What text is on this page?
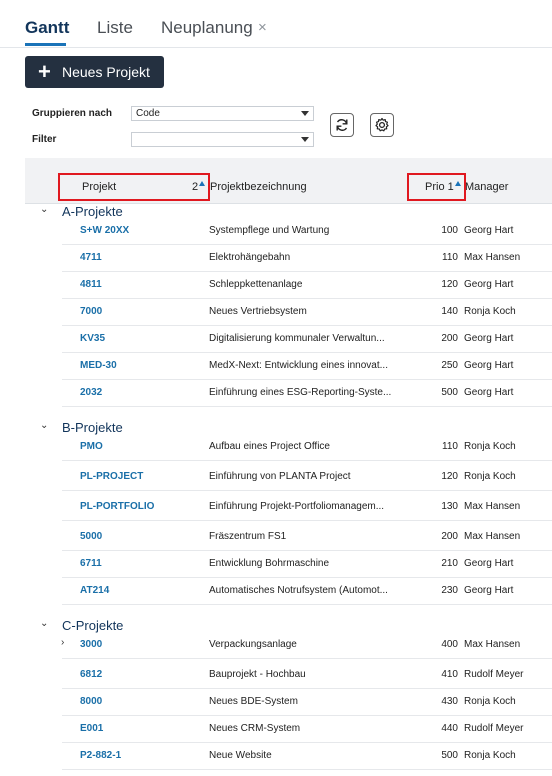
Gantt Liste Neuplanung ×
+ Neues Projekt
Gruppieren nach	Code
Filter
Projekt	2	Projektbezeichnung	Prio 1	Manager
⌄ A-Projekte
S+W 20XX	Systempflege und Wartung	100 Georg Hart
4711	Elektrohängebahn	110 Max Hansen
4811	Schleppkettenanlage	120 Georg Hart
7000	Neues Vertriebsystem	140 Ronja Koch
KV35	Digitalisierung kommunaler Verwaltun...	200 Georg Hart
MED-30	MedX-Next: Entwicklung eines innovat...	250 Georg Hart
2032	Einführung eines ESG-Reporting-Syste...	500 Georg Hart
⌄ B-Projekte
PMO	Aufbau eines Project Office	110 Ronja Koch
PL-PROJECT	Einführung von PLANTA Project	120 Ronja Koch
PL-PORTFOLIO	Einführung Projekt-Portfoliomanagem...	130 Max Hansen
5000	Fräszentrum FS1	200 Max Hansen
6711	Entwicklung Bohrmaschine	210 Georg Hart
AT214	Automatisches Notrufsystem (Automot...	230 Georg Hart
⌄ C-Projekte
› 3000	Verpackungsanlage	400 Max Hansen
6812	Bauprojekt - Hochbau	410 Rudolf Meyer
8000	Neues BDE-System	430 Ronja Koch
E001	Neues CRM-System	440 Rudolf Meyer
P2-882-1	Neue Website	500 Ronja Koch
